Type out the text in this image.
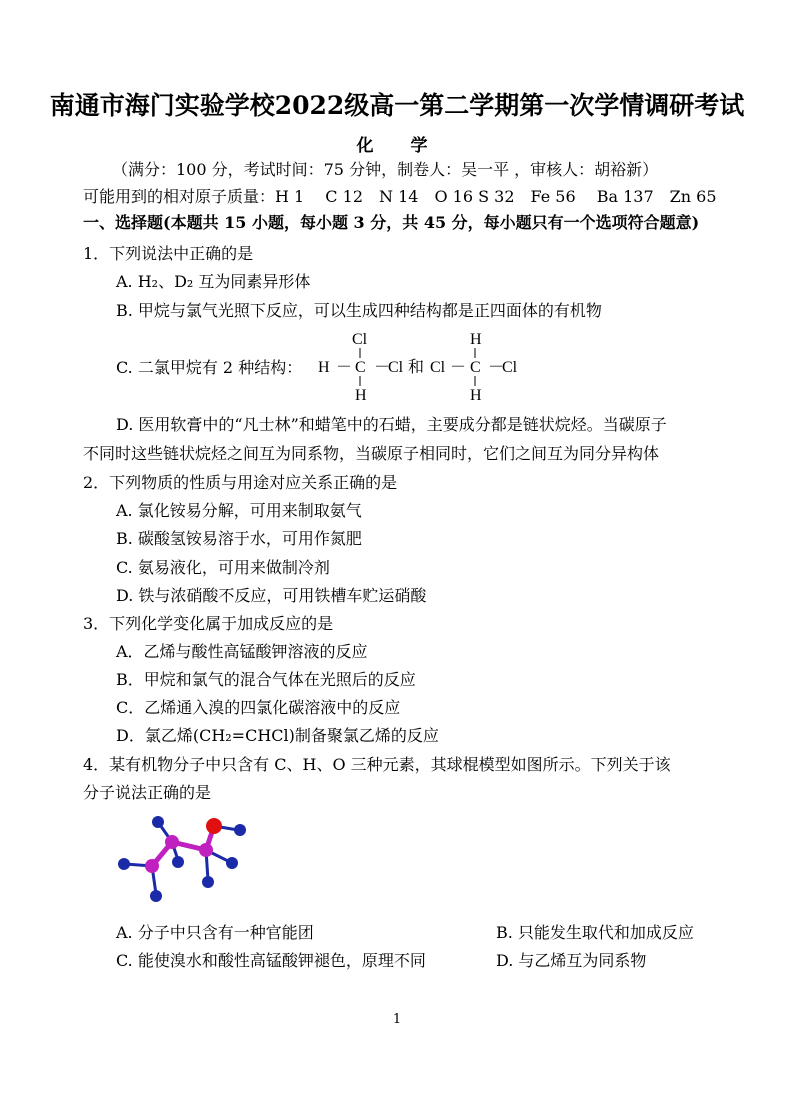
南通市海门实验学校2022级高一第二学期第一次学情调研考试
化　学
（满分：100 分，考试时间：75 分钟，制卷人：吴一平 ，审核人：胡裕新）
可能用到的相对原子质量：H 1　 C 12　N 14　O 16 S 32　Fe 56　 Ba 137　Zn 65
一、选择题(本题共 15 小题，每小题 3 分，共 45 分，每小题只有一个选项符合题意)
1．下列说法中正确的是
A. H₂、D₂ 互为同素异形体
B. 甲烷与氯气光照下反应，可以生成四种结构都是正四面体的有机物
C. 二氯甲烷有 2 种结构：
Cl
H － C －
Cl
H
和
H
Cl － C －
Cl
H
D. 医用软膏中的“凡士林”和蜡笔中的石蜡，主要成分都是链状烷烃。当碳原子
不同时这些链状烷烃之间互为同系物，当碳原子相同时，它们之间互为同分异构体
2．下列物质的性质与用途对应关系正确的是
A. 氯化铵易分解，可用来制取氨气
B. 碳酸氢铵易溶于水，可用作氮肥
C. 氨易液化，可用来做制冷剂
D. 铁与浓硝酸不反应，可用铁槽车贮运硝酸
3．下列化学变化属于加成反应的是
A．乙烯与酸性高锰酸钾溶液的反应
B．甲烷和氯气的混合气体在光照后的反应
C．乙烯通入溴的四氯化碳溶液中的反应
D．氯乙烯(CH₂=CHCl)制备聚氯乙烯的反应
4．某有机物分子中只含有 C、H、O 三种元素，其球棍模型如图所示。下列关于该
分子说法正确的是
A. 分子中只含有一种官能团	B. 只能发生取代和加成反应
C. 能使溴水和酸性高锰酸钾褪色，原理不同	D. 与乙烯互为同系物
1
